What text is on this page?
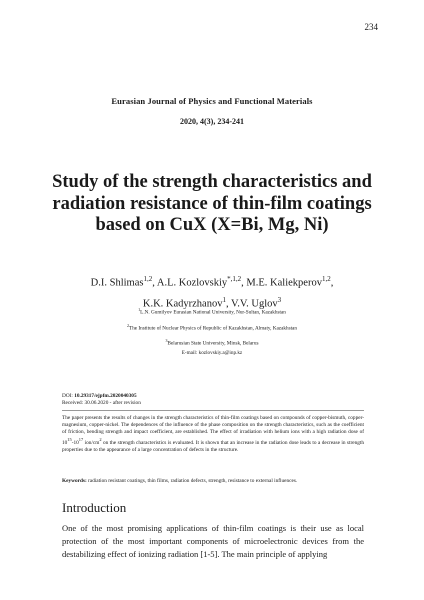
234
Eurasian Journal of Physics and Functional Materials
2020, 4(3), 234-241
Study of the strength characteristics and radiation resistance of thin-film coatings based on CuX (X=Bi, Mg, Ni)
D.I. Shlimas$^{1,2}$, A.L. Kozlovskiy$^{*,1,2}$, M.E. Kaliekperov$^{1,2}$,
K.K. Kadyrzhanov$^1$, V.V. Uglov$^3$
$^1$L.N. Gumilyov Eurasian National University, Nur-Sultan, Kazakhstan
$^2$The Institute of Nuclear Physics of Republic of Kazakhstan, Almaty, Kazakhstan
$^3$Belarusian State University, Minsk, Belarus
E-mail: kozlovskiy.a@inp.kz
DOI: 10.29317/ejpfm.2020040305
Received: 30.06.2020 - after revision
The paper presents the results of changes in the strength characteristics of thin-film coatings based on compounds of copper-bismuth, copper-magnesium, copper-nickel. The dependences of the influence of the phase composition on the strength characteristics, such as the coefficient of friction, bending strength and impact coefficient, are established. The effect of irradiation with helium ions with a high radiation dose of $10^{15}-10^{17}$ ion/$cm^2$ on the strength characteristics is evaluated. It is shown that an increase in the radiation dose leads to a decrease in strength properties due to the appearance of a large concentration of defects in the structure.
Keywords: radiation resistant coatings, thin films, radiation defects, strength, resistance to external influences.
Introduction
One of the most promising applications of thin-film coatings is their use as local protection of the most important components of microelectronic devices from the destabilizing effect of ionizing radiation [1-5]. The main principle of applying
